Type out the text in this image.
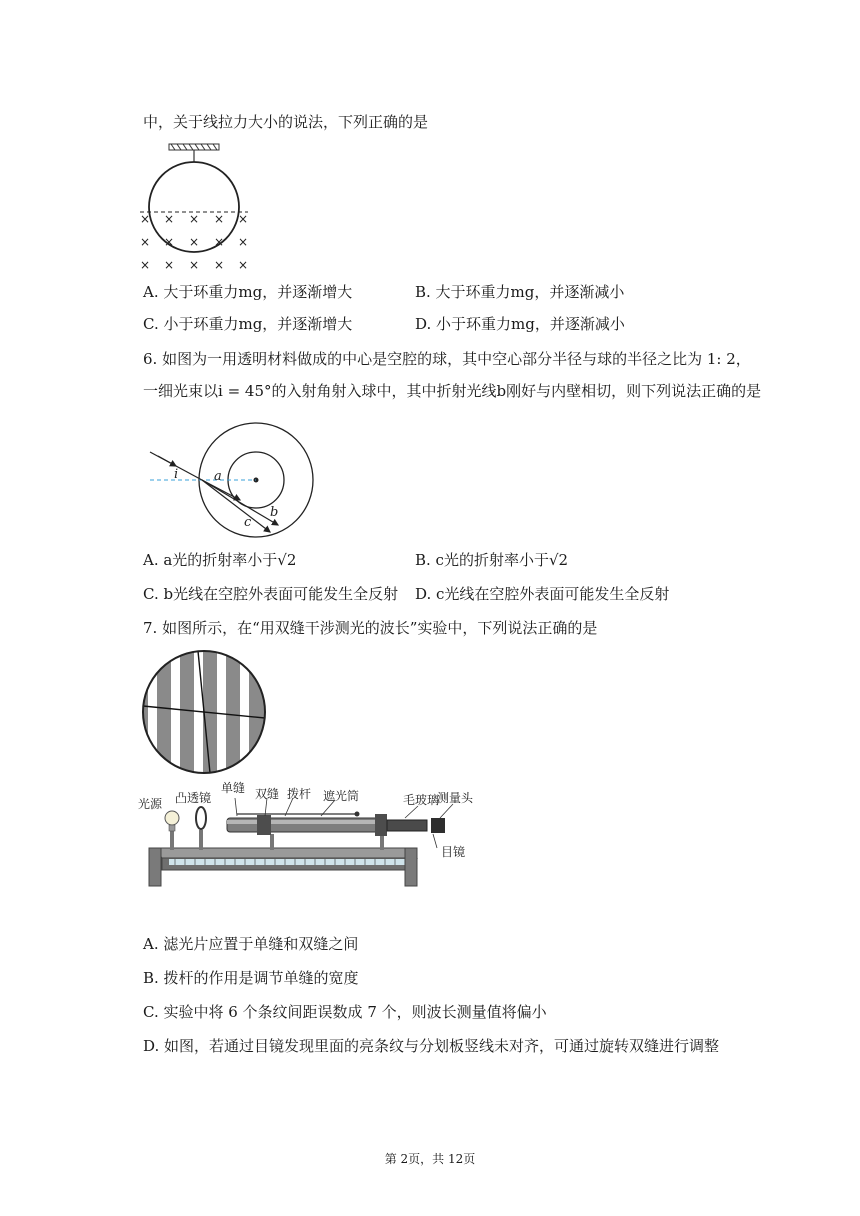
中，关于线拉力大小的说法，下列正确的是
× × × × ×
× × × × ×
× × × × ×
A. 大于环重力mg，并逐渐增大	B. 大于环重力mg，并逐渐减小
C. 小于环重力mg，并逐渐增大	D. 小于环重力mg，并逐渐减小
6. 如图为一用透明材料做成的中心是空腔的球，其中空心部分半径与球的半径之比为 1: 2，
一细光束以i = 45°的入射角射入球中，其中折射光线b刚好与内壁相切，则下列说法正确的是
i	a
b
c
A. a光的折射率小于√2	B. c光的折射率小于√2
C. b光线在空腔外表面可能发生全反射 D. c光线在空腔外表面可能发生全反射
7. 如图所示，在“用双缝干涉测光的波长”实验中，下列说法正确的是
光源 凸透镜
单缝 双缝 拨杆 遮光筒	毛玻璃
测量头
目镜
A. 滤光片应置于单缝和双缝之间
B. 拨杆的作用是调节单缝的宽度
C. 实验中将 6 个条纹间距误数成 7 个，则波长测量值将偏小
D. 如图，若通过目镜发现里面的亮条纹与分划板竖线未对齐，可通过旋转双缝进行调整
第 2页，共 12页
